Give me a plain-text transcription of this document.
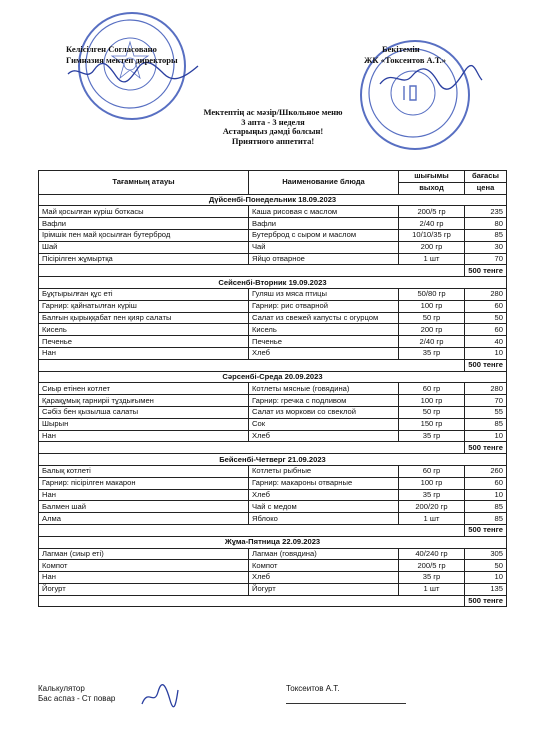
Келісілген Согласовано
Гимназия мектеп директоры
Бекітемін
ЖК «Токсеитов А.Т.»
Мектептің ас мәзір/Школьное меню
3 апта - 3 неделя
Астарыңыз дәмді болсын!
Приятного аппетита!
Тағамның атауы	Наименование блюда	шығымы	бағасы
		выход	цена
Дүйсенбі-Понедельник 18.09.2023			
Май қосылған күріш боткасы	Каша рисовая с маслом	200/5 гр	235
Вафли	Вафли	2/40 гр	80
Ірімшік пен май қосылған бутерброд	Бутерброд с сыром и маслом	10/10/35 гр	85
Шай	Чай	200 гр	30
Пісірілген жұмыртқа	Яйцо отварное	1 шт	70
			500 тенге
Сейсенбі-Вторник 19.09.2023			
Бұқтырылған құс еті	Гуляш из мяса птицы	50/80 гр	280
Гарнир: қайнатылған күріш	Гарнир: рис отварной	100 гр	60
Балғын қырыққабат пен қияр салаты	Салат из свежей капусты с огурцом	50 гр	50
Кисель	Кисель	200 гр	60
Печенье	Печенье	2/40 гр	40
Нан	Хлеб	35 гр	10
			500 тенге
Сәрсенбі-Среда 20.09.2023			
Сиыр етінен котлет	Котлеты мясные (говядина)	60 гр	280
Қарақұмық гарниріі тұздығымен	Гарнир: гречка с подливом	100 гр	70
Сәбіз бен қызылша салаты	Салат из моркови со свеклой	50 гр	55
Шырын	Сок	150 гр	85
Нан	Хлеб	35 гр	10
			500 тенге
Бейсенбі-Четверг 21.09.2023			
Балық котлеті	Котлеты рыбные	60 гр	260
Гарнир: пісірілген макарон	Гарнир: макароны отварные	100 гр	60
Нан	Хлеб	35 гр	10
Балмен шай	Чай с медом	200/20 гр	85
Алма	Яблоко	1 шт	85
			500 тенге
Жұма-Пятница 22.09.2023			
Лагман (сиыр еті)	Лагман (говядина)	40/240 гр	305
Компот	Компот	200/5 гр	50
Нан	Хлеб	35 гр	10
Йогурт	Йогурт	1 шт	135
			500 тенге
Калькулятор
Бас аспаз - Ст повар
Токсеитов А.Т.
